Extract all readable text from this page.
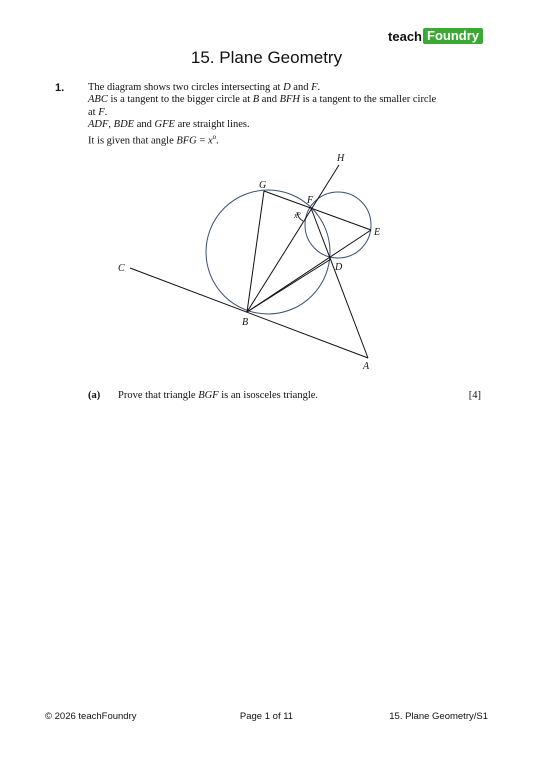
teach Foundry
15. Plane Geometry
1. The diagram shows two circles intersecting at D and F.

ABC is a tangent to the bigger circle at B and BFH is a tangent to the smaller circle

at F.

ADF, BDE and GFE are straight lines.

It is given that angle BFG = $x^o$.

H
G
F
E
C	D
B
A
$x^o$
(a) Prove that triangle BGF is an isosceles triangle.	[4]
© 2026 teachFoundry	Page 1 of 11	15. Plane Geometry/S1
